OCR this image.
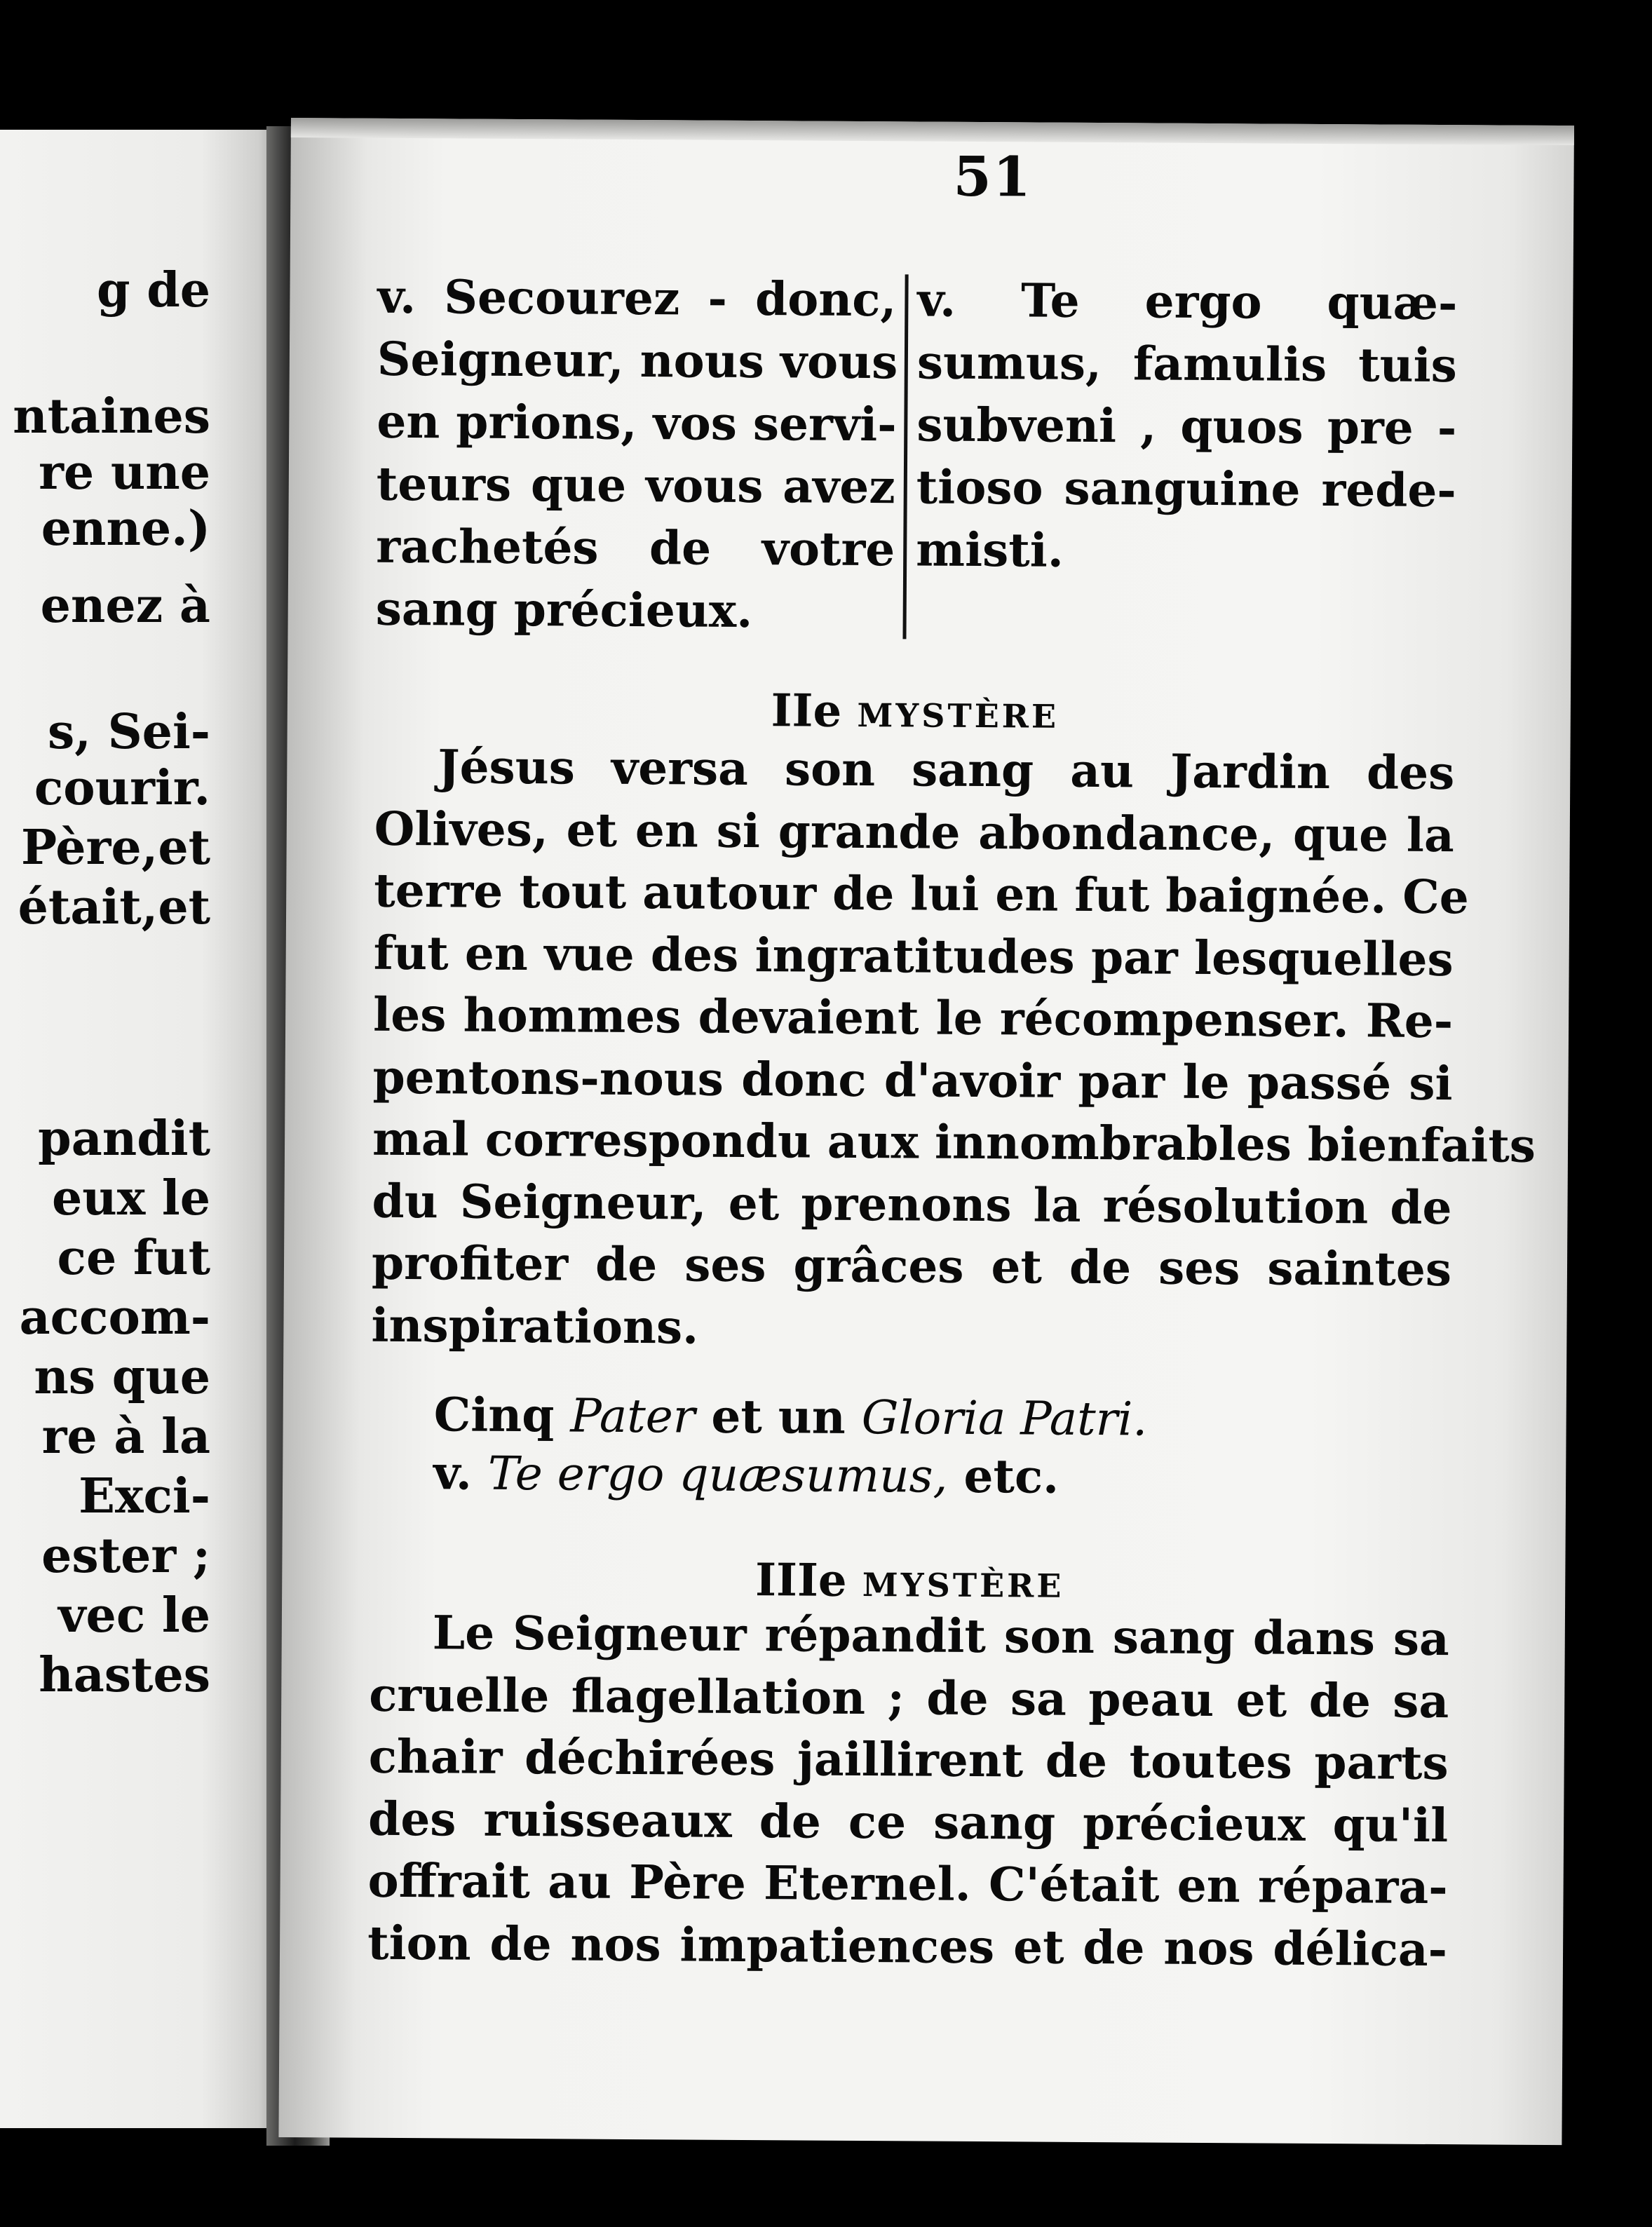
g de
ntaines
re une
enne.)
enez à
s, Sei-
courir.
Père,et
était,et
pandit
eux le
ce fut
accom-
ns que
re à la
Exci-
ester ;
vec le
hastes
51
v. Secourez - donc,
Seigneur, nous vous
en prions, vos servi-
teurs que vous avez
rachetés de votre
sang précieux.
v. Te ergo quæ-
sumus, famulis tuis
subveni , quos pre -
tioso sanguine rede-
misti.
IIe MYSTÈRE
Jésus versa son sang au Jardin des
Olives, et en si grande abondance, que la
terre tout autour de lui en fut baignée. Ce
fut en vue des ingratitudes par lesquelles
les hommes devaient le récompenser. Re-
pentons-nous donc d'avoir par le passé si
mal correspondu aux innombrables bienfaits
du Seigneur, et prenons la résolution de
profiter de ses grâces et de ses saintes
inspirations.
Cinq Pater et un Gloria Patri.
v. Te ergo quæsumus, etc.
IIIe MYSTÈRE
Le Seigneur répandit son sang dans sa
cruelle flagellation ; de sa peau et de sa
chair déchirées jaillirent de toutes parts
des ruisseaux de ce sang précieux qu'il
offrait au Père Eternel. C'était en répara-
tion de nos impatiences et de nos délica-
